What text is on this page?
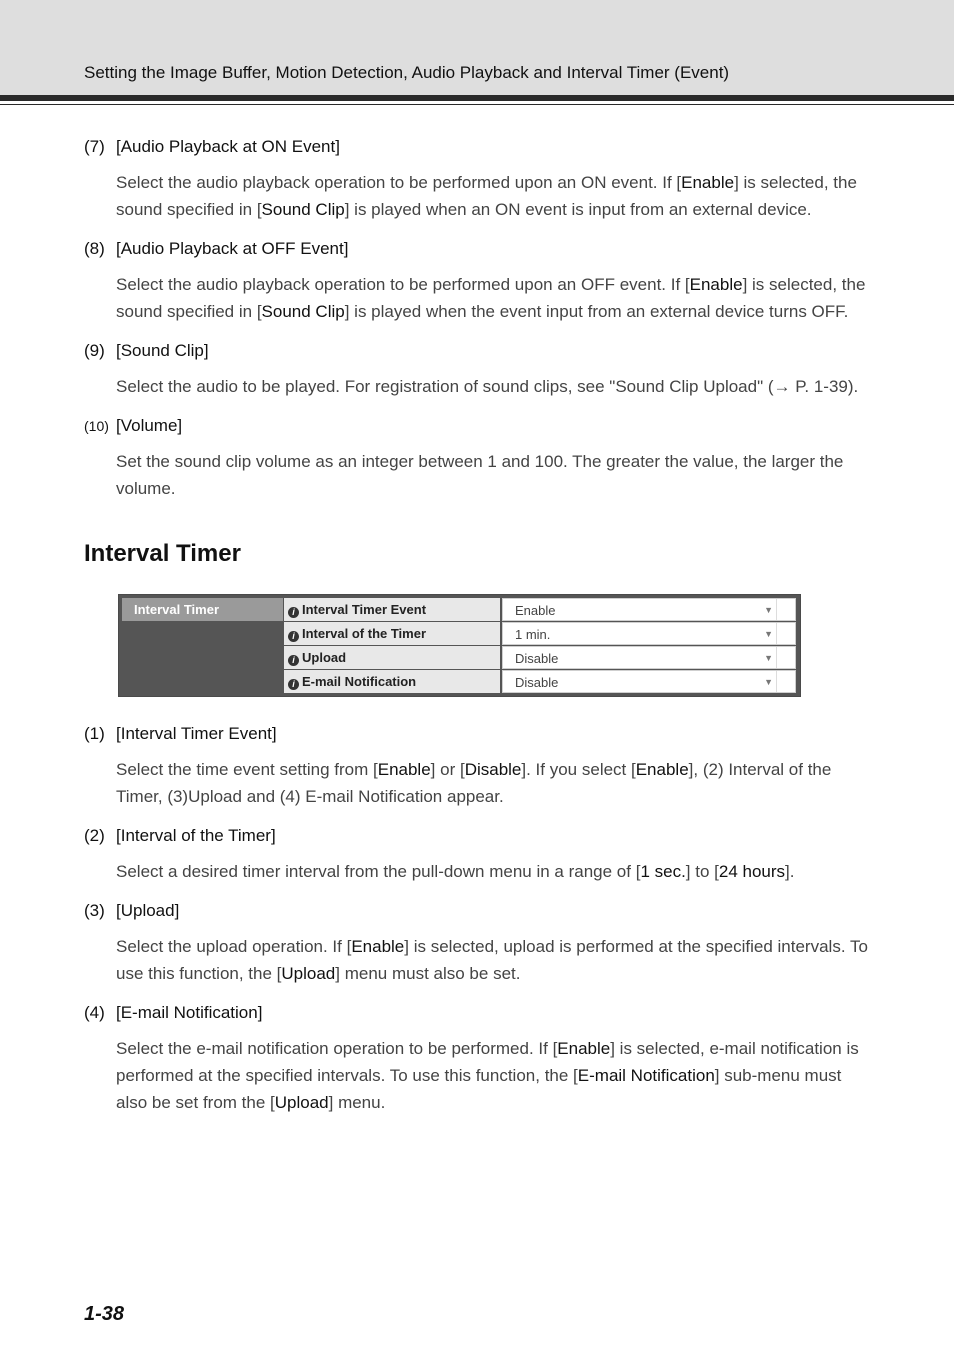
Setting the Image Buffer, Motion Detection, Audio Playback and Interval Timer (Event)
(7) [Audio Playback at ON Event]
Select the audio playback operation to be performed upon an ON event. If [Enable] is selected, the sound specified in [Sound Clip] is played when an ON event is input from an external device.
(8) [Audio Playback at OFF Event]
Select the audio playback operation to be performed upon an OFF event. If [Enable] is selected, the sound specified in [Sound Clip] is played when the event input from an external device turns OFF.
(9) [Sound Clip]
Select the audio to be played. For registration of sound clips, see "Sound Clip Upload" (→ P. 1-39).
(10) [Volume]
Set the sound clip volume as an integer between 1 and 100. The greater the value, the larger the volume.
Interval Timer
Interval Timer	i Interval Timer Event	Enable	▼
i Interval of the Timer	1 min.	▼
i Upload	Disable	▼
i E-mail Notification	Disable	▼
(1) [Interval Timer Event]
Select the time event setting from [Enable] or [Disable]. If you select [Enable], (2) Interval of the Timer, (3)Upload and (4) E-mail Notification appear.
(2) [Interval of the Timer]
Select a desired timer interval from the pull-down menu in a range of [1 sec.] to [24 hours].
(3) [Upload]
Select the upload operation. If [Enable] is selected, upload is performed at the specified intervals. To use this function, the [Upload] menu must also be set.
(4) [E-mail Notification]
Select the e-mail notification operation to be performed. If [Enable] is selected, e-mail notification is performed at the specified intervals. To use this function, the [E-mail Notification] sub-menu must also be set from the [Upload] menu.
1-38
